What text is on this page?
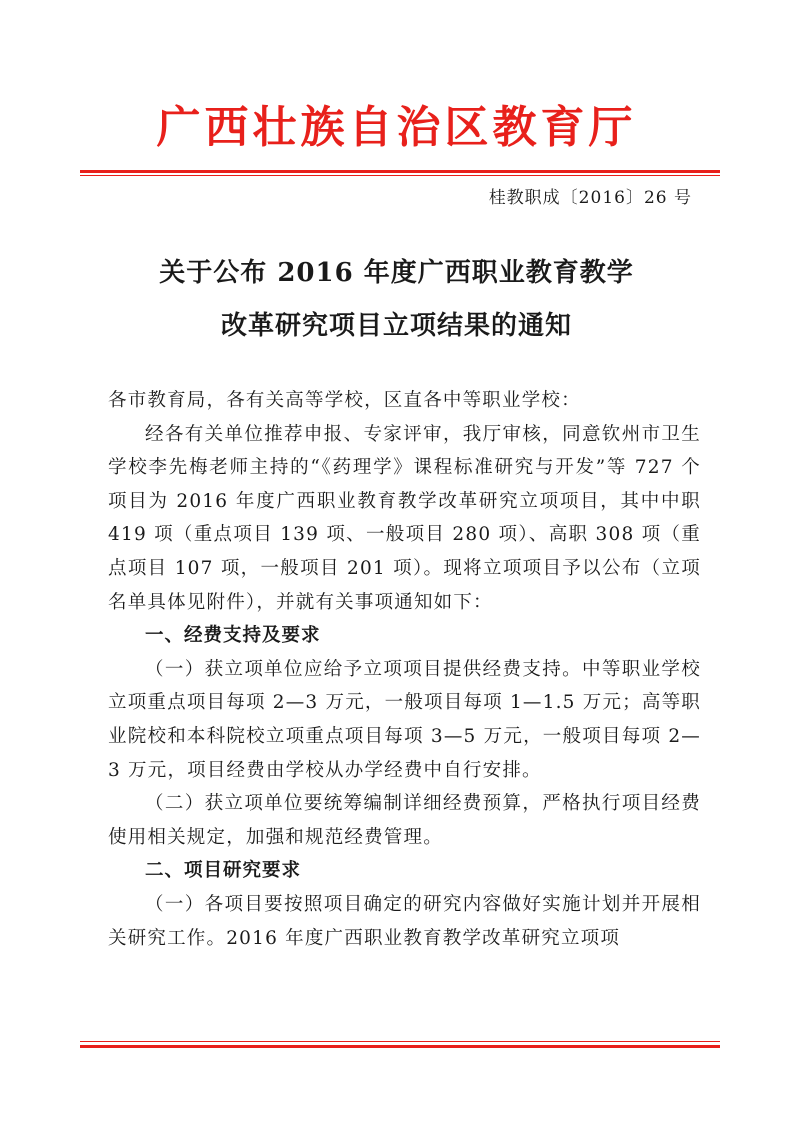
广西壮族自治区教育厅
桂教职成〔2016〕26 号
关于公布 2016 年度广西职业教育教学
改革研究项目立项结果的通知

各市教育局，各有关高等学校，区直各中等职业学校：

经各有关单位推荐申报、专家评审，我厅审核，同意钦州市卫生学校李先梅老师主持的“《药理学》课程标准研究与开发”等 727 个项目为 2016 年度广西职业教育教学改革研究立项项目，其中中职 419 项（重点项目 139 项、一般项目 280 项）、高职 308 项（重点项目 107 项，一般项目 201 项）。现将立项项目予以公布（立项名单具体见附件），并就有关事项通知如下：

一、经费支持及要求

（一）获立项单位应给予立项项目提供经费支持。中等职业学校立项重点项目每项 2—3 万元，一般项目每项 1—1.5 万元；高等职业院校和本科院校立项重点项目每项 3—5 万元，一般项目每项 2—3 万元，项目经费由学校从办学经费中自行安排。

（二）获立项单位要统筹编制详细经费预算，严格执行项目经费使用相关规定，加强和规范经费管理。

二、项目研究要求

（一）各项目要按照项目确定的研究内容做好实施计划并开展相关研究工作。2016 年度广西职业教育教学改革研究立项项
